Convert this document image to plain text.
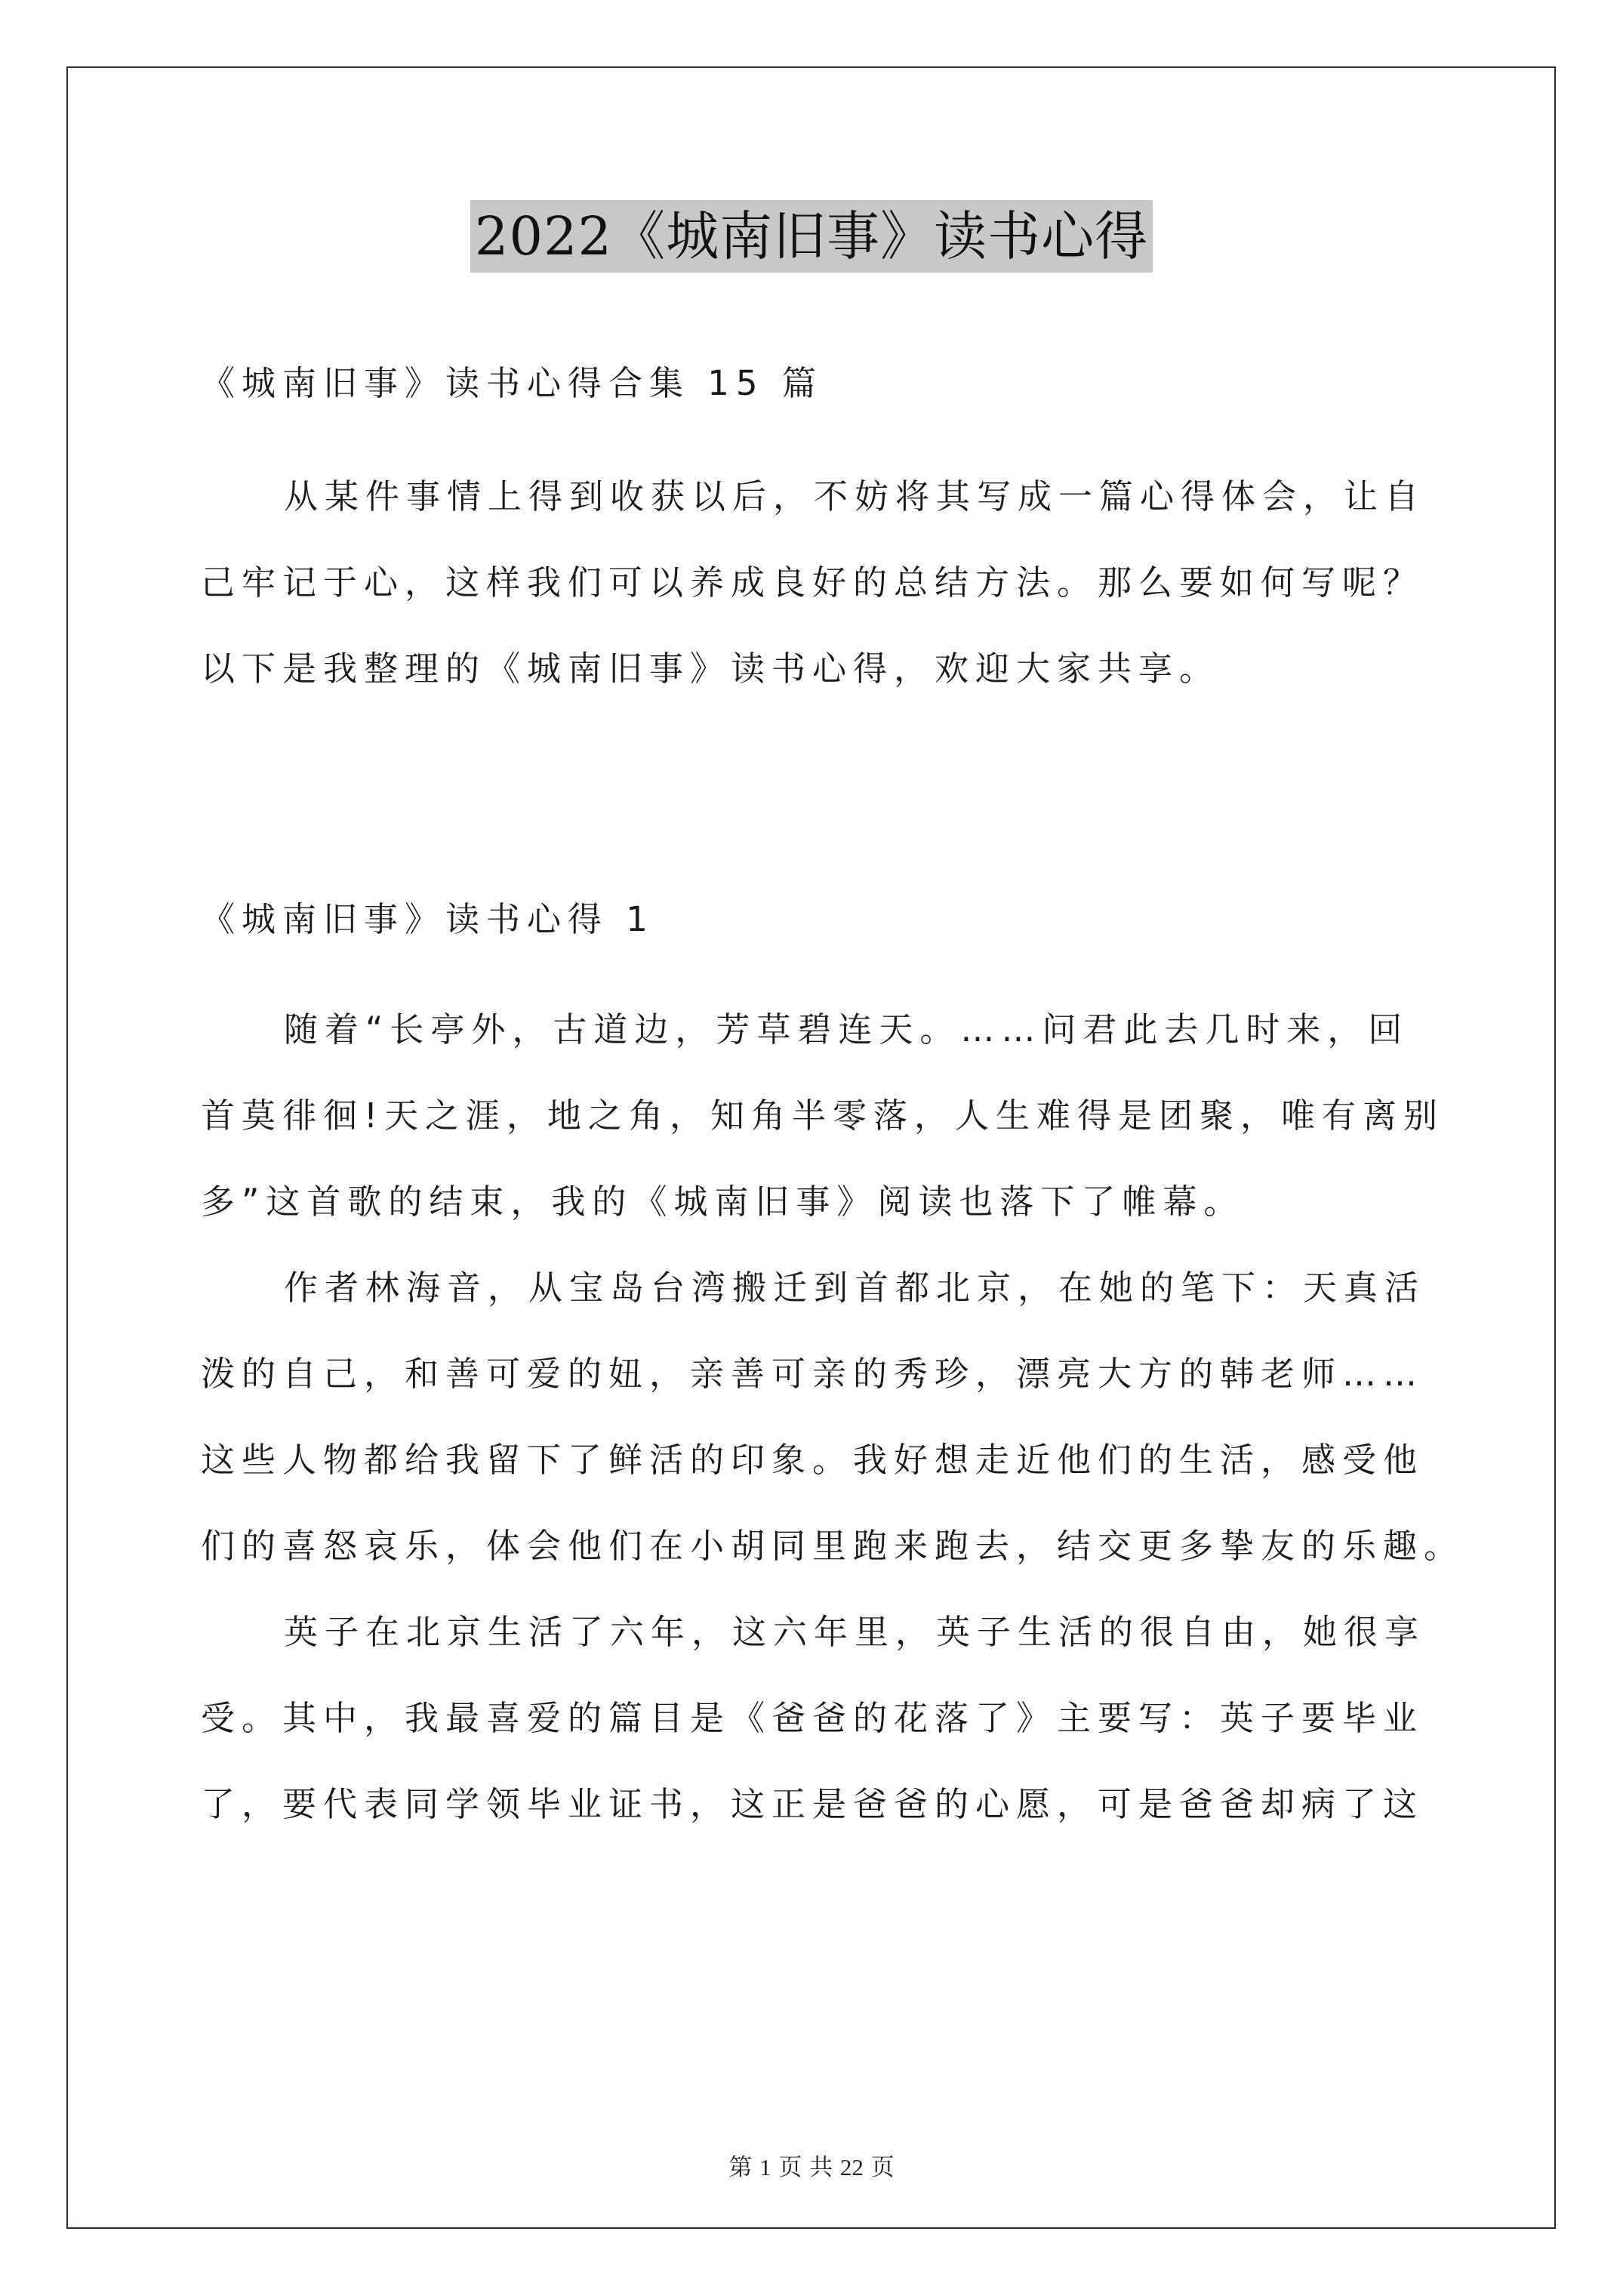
2022《城南旧事》读书心得
《城南旧事》读书心得合集 15 篇
从某件事情上得到收获以后，不妨将其写成一篇心得体会，让自
己牢记于心，这样我们可以养成良好的总结方法。那么要如何写呢？
以下是我整理的《城南旧事》读书心得，欢迎大家共享。
《城南旧事》读书心得 1
随着“长亭外，古道边，芳草碧连天。……问君此去几时来，回
首莫徘徊!天之涯，地之角，知角半零落，人生难得是团聚，唯有离别
多”这首歌的结束，我的《城南旧事》阅读也落下了帷幕。
作者林海音，从宝岛台湾搬迁到首都北京，在她的笔下：天真活
泼的自己，和善可爱的妞，亲善可亲的秀珍，漂亮大方的韩老师……
这些人物都给我留下了鲜活的印象。我好想走近他们的生活，感受他
们的喜怒哀乐，体会他们在小胡同里跑来跑去，结交更多挚友的乐趣。
英子在北京生活了六年，这六年里，英子生活的很自由，她很享
受。其中，我最喜爱的篇目是《爸爸的花落了》主要写：英子要毕业
了，要代表同学领毕业证书，这正是爸爸的心愿，可是爸爸却病了这
第 1 页 共 22 页
